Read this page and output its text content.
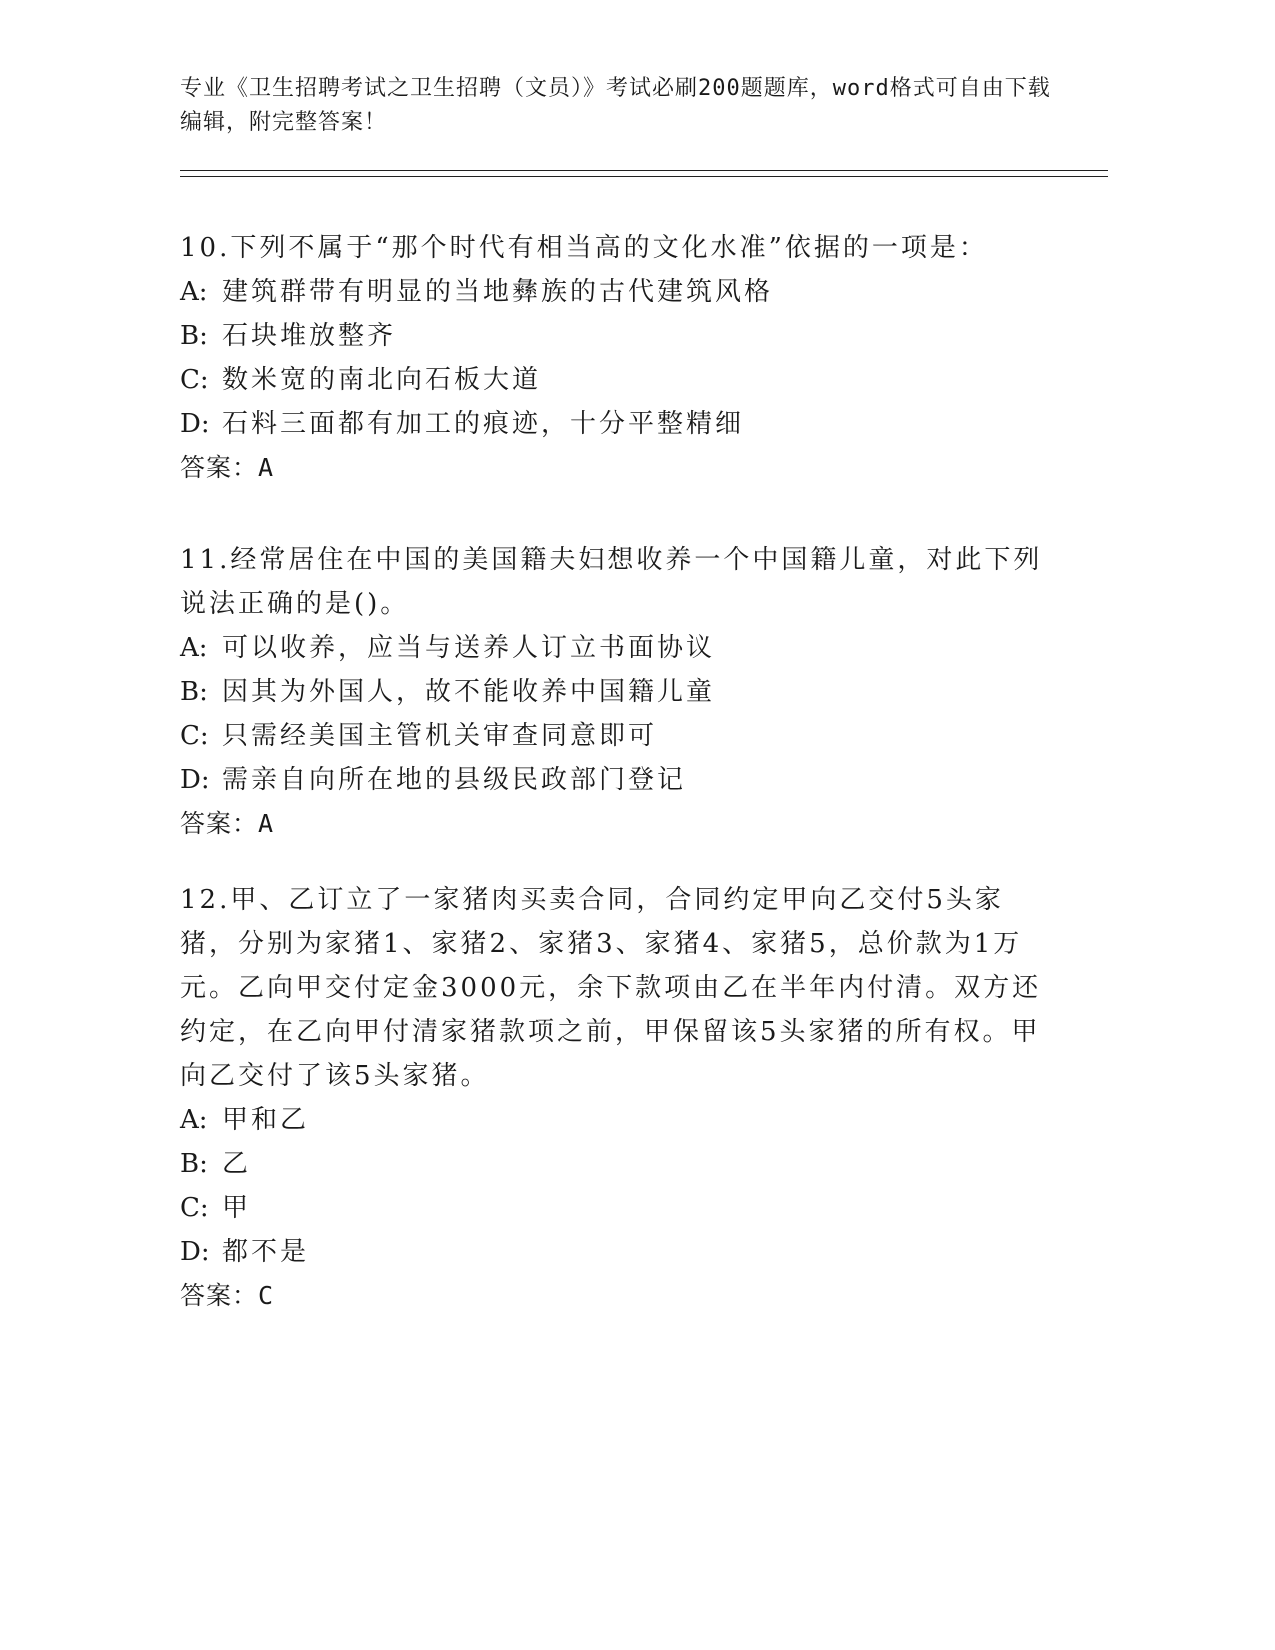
专业《卫生招聘考试之卫生招聘（文员）》考试必刷200题题库，word格式可自由下载编辑，附完整答案！

10.下列不属于“那个时代有相当高的文化水准”依据的一项是：

A: 建筑群带有明显的当地彝族的古代建筑风格

B: 石块堆放整齐

C: 数米宽的南北向石板大道

D: 石料三面都有加工的痕迹，十分平整精细

答案：A

11.经常居住在中国的美国籍夫妇想收养一个中国籍儿童，对此下列说法正确的是()。

A: 可以收养，应当与送养人订立书面协议

B: 因其为外国人，故不能收养中国籍儿童

C: 只需经美国主管机关审查同意即可

D: 需亲自向所在地的县级民政部门登记

答案：A

12.甲、乙订立了一家猪肉买卖合同，合同约定甲向乙交付5头家猪，分别为家猪1、家猪2、家猪3、家猪4、家猪5，总价款为1万元。乙向甲交付定金3000元，余下款项由乙在半年内付清。双方还约定，在乙向甲付清家猪款项之前，甲保留该5头家猪的所有权。甲向乙交付了该5头家猪。

A: 甲和乙

B: 乙

C: 甲

D: 都不是

答案：C
